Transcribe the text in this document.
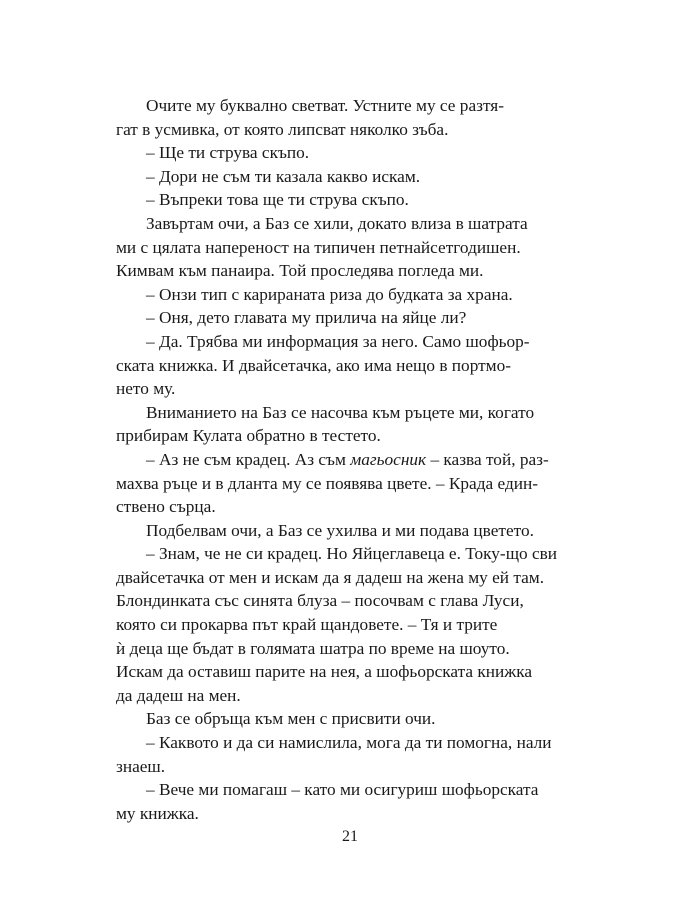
Очите му буквално светват. Устните му се разтя-
гат в усмивка, от която липсват няколко зъба.
– Ще ти струва скъпо.
– Дори не съм ти казала какво искам.
– Въпреки това ще ти струва скъпо.
Завъртам очи, а Баз се хили, докато влиза в шатрата
ми с цялата напереност на типичен петнайсетгодишен.
Кимвам към панаира. Той проследява погледа ми.
– Онзи тип с карираната риза до будката за храна.
– Оня, дето главата му прилича на яйце ли?
– Да. Трябва ми информация за него. Само шофьор-
ската книжка. И двайсетачка, ако има нещо в портмо-
нето му.
Вниманието на Баз се насочва към ръцете ми, когато
прибирам Кулата обратно в тестето.
– Аз не съм крадец. Аз съм магьосник – казва той, раз-
махва ръце и в дланта му се появява цвете. – Крада един-
ствено сърца.
Подбелвам очи, а Баз се ухилва и ми подава цветето.
– Знам, че не си крадец. Но Яйцеглавеца е. Току-що сви
двайсетачка от мен и искам да я дадеш на жена му ей там.
Блондинката със синята блуза – посочвам с глава Луси,
която си прокарва път край щандовете. – Тя и трите
ѝ деца ще бъдат в голямата шатра по време на шоуто.
Искам да оставиш парите на нея, а шофьорската книжка
да дадеш на мен.
Баз се обръща към мен с присвити очи.
– Каквото и да си намислила, мога да ти помогна, нали
знаеш.
– Вече ми помагаш – като ми осигуриш шофьорската
му книжка.
21
